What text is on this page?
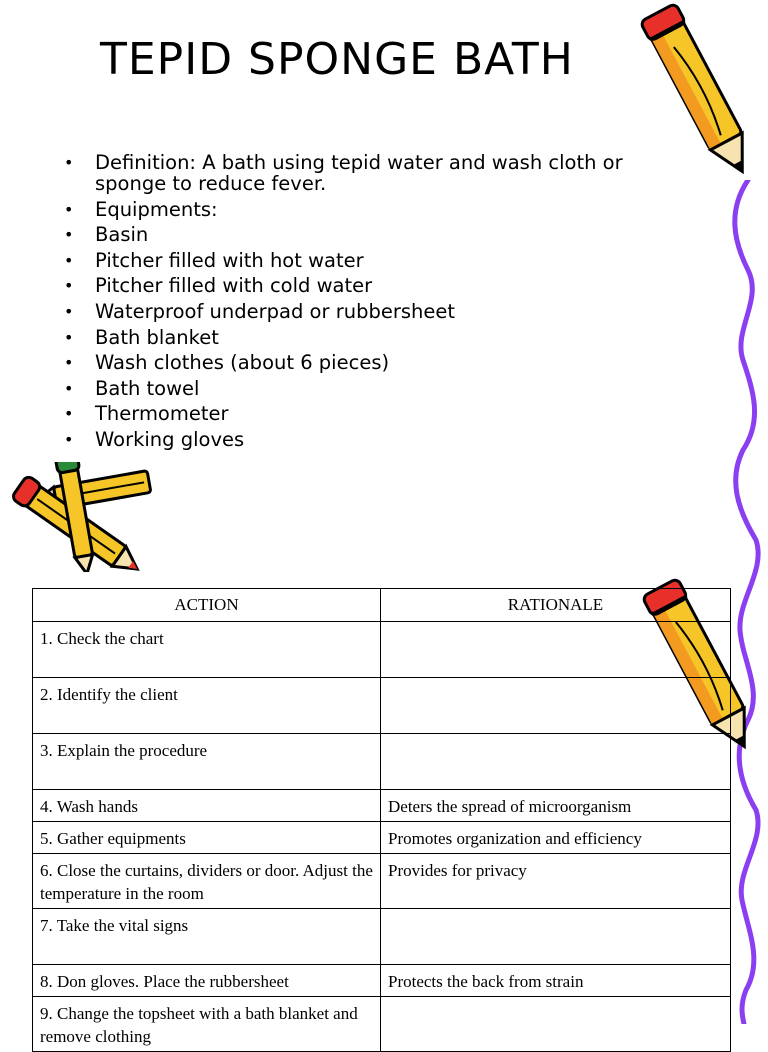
TEPID SPONGE BATH
• Definition: A bath using tepid water and wash cloth or sponge to reduce fever.
• Equipments:
• Basin
• Pitcher filled with hot water
• Pitcher filled with cold water
• Waterproof underpad or rubbersheet
• Bath blanket
• Wash clothes (about 6 pieces)
• Bath towel
• Thermometer
• Working gloves
ACTION	RATIONALE
1. Check the chart	
2. Identify the client	
3. Explain the procedure	
4. Wash hands	Deters the spread of microorganism
5. Gather equipments	Promotes organization and efficiency
6. Close the curtains, dividers or door. Adjust the temperature in the room	Provides for privacy
7. Take the vital signs	
8. Don gloves. Place the rubbersheet	Protects the back from strain
9. Change the topsheet with a bath blanket and remove clothing	
